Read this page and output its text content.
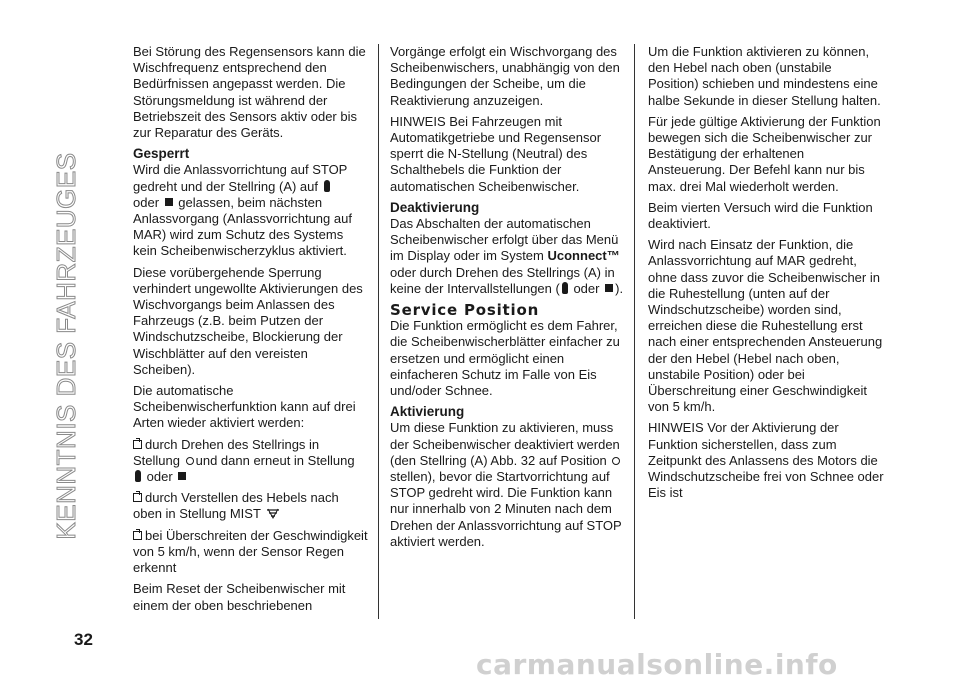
KENNTNIS DES FAHRZEUGES

Bei Störung des Regensensors kann die Wischfrequenz entsprechend den Bedürfnissen angepasst werden. Die Störungsmeldung ist während der Betriebszeit des Sensors aktiv oder bis zur Reparatur des Geräts.

Gesperrt

Wird die Anlassvorrichtung auf STOP gedreht und der Stellring (A) auf
oder gelassen, beim nächsten Anlassvorgang (Anlassvorrichtung auf MAR) wird zum Schutz des Systems kein Scheibenwischerzyklus aktiviert.

Diese vorübergehende Sperrung verhindert ungewollte Aktivierungen des Wischvorgangs beim Anlassen des Fahrzeugs (z.B. beim Putzen der Windschutzscheibe, Blockierung der Wischblätter auf den vereisten Scheiben).

Die automatische Scheibenwischerfunktion kann auf drei Arten wieder aktiviert werden:

durch Drehen des Stellrings in Stellung und dann erneut in Stellung
oder

durch Verstellen des Hebels nach oben in Stellung MIST

bei Überschreiten der Geschwindigkeit von 5 km/h, wenn der Sensor Regen erkennt

Beim Reset der Scheibenwischer mit einem der oben beschriebenen

Vorgänge erfolgt ein Wischvorgang des Scheibenwischers, unabhängig von den Bedingungen der Scheibe, um die Reaktivierung anzuzeigen.

HINWEIS Bei Fahrzeugen mit Automatikgetriebe und Regensensor sperrt die N-Stellung (Neutral) des Schalthebels die Funktion der automatischen Scheibenwischer.

Deaktivierung

Das Abschalten der automatischen Scheibenwischer erfolgt über das Menü im Display oder im System Uconnect™ oder durch Drehen des Stellrings (A) in keine der Intervallstellungen ( oder ).

Service Position

Die Funktion ermöglicht es dem Fahrer, die Scheibenwischerblätter einfacher zu ersetzen und ermöglicht einen einfacheren Schutz im Falle von Eis und/oder Schnee.

Aktivierung

Um diese Funktion zu aktivieren, muss der Scheibenwischer deaktiviert werden (den Stellring (A) Abb. 32 auf Position  stellen), bevor die Startvorrichtung auf STOP gedreht wird. Die Funktion kann nur innerhalb von 2 Minuten nach dem Drehen der Anlassvorrichtung auf STOP aktiviert werden.

Um die Funktion aktivieren zu können, den Hebel nach oben (unstabile Position) schieben und mindestens eine halbe Sekunde in dieser Stellung halten.

Für jede gültige Aktivierung der Funktion bewegen sich die Scheibenwischer zur Bestätigung der erhaltenen Ansteuerung. Der Befehl kann nur bis max. drei Mal wiederholt werden.

Beim vierten Versuch wird die Funktion deaktiviert.

Wird nach Einsatz der Funktion, die Anlassvorrichtung auf MAR gedreht, ohne dass zuvor die Scheibenwischer in die Ruhestellung (unten auf der Windschutzscheibe) worden sind, erreichen diese die Ruhestellung erst nach einer entsprechenden Ansteuerung der den Hebel (Hebel nach oben, unstabile Position) oder bei Überschreitung einer Geschwindigkeit von 5 km/h.

HINWEIS Vor der Aktivierung der Funktion sicherstellen, dass zum Zeitpunkt des Anlassens des Motors die Windschutzscheibe frei von Schnee oder Eis ist

32
carmanualsonline.info
